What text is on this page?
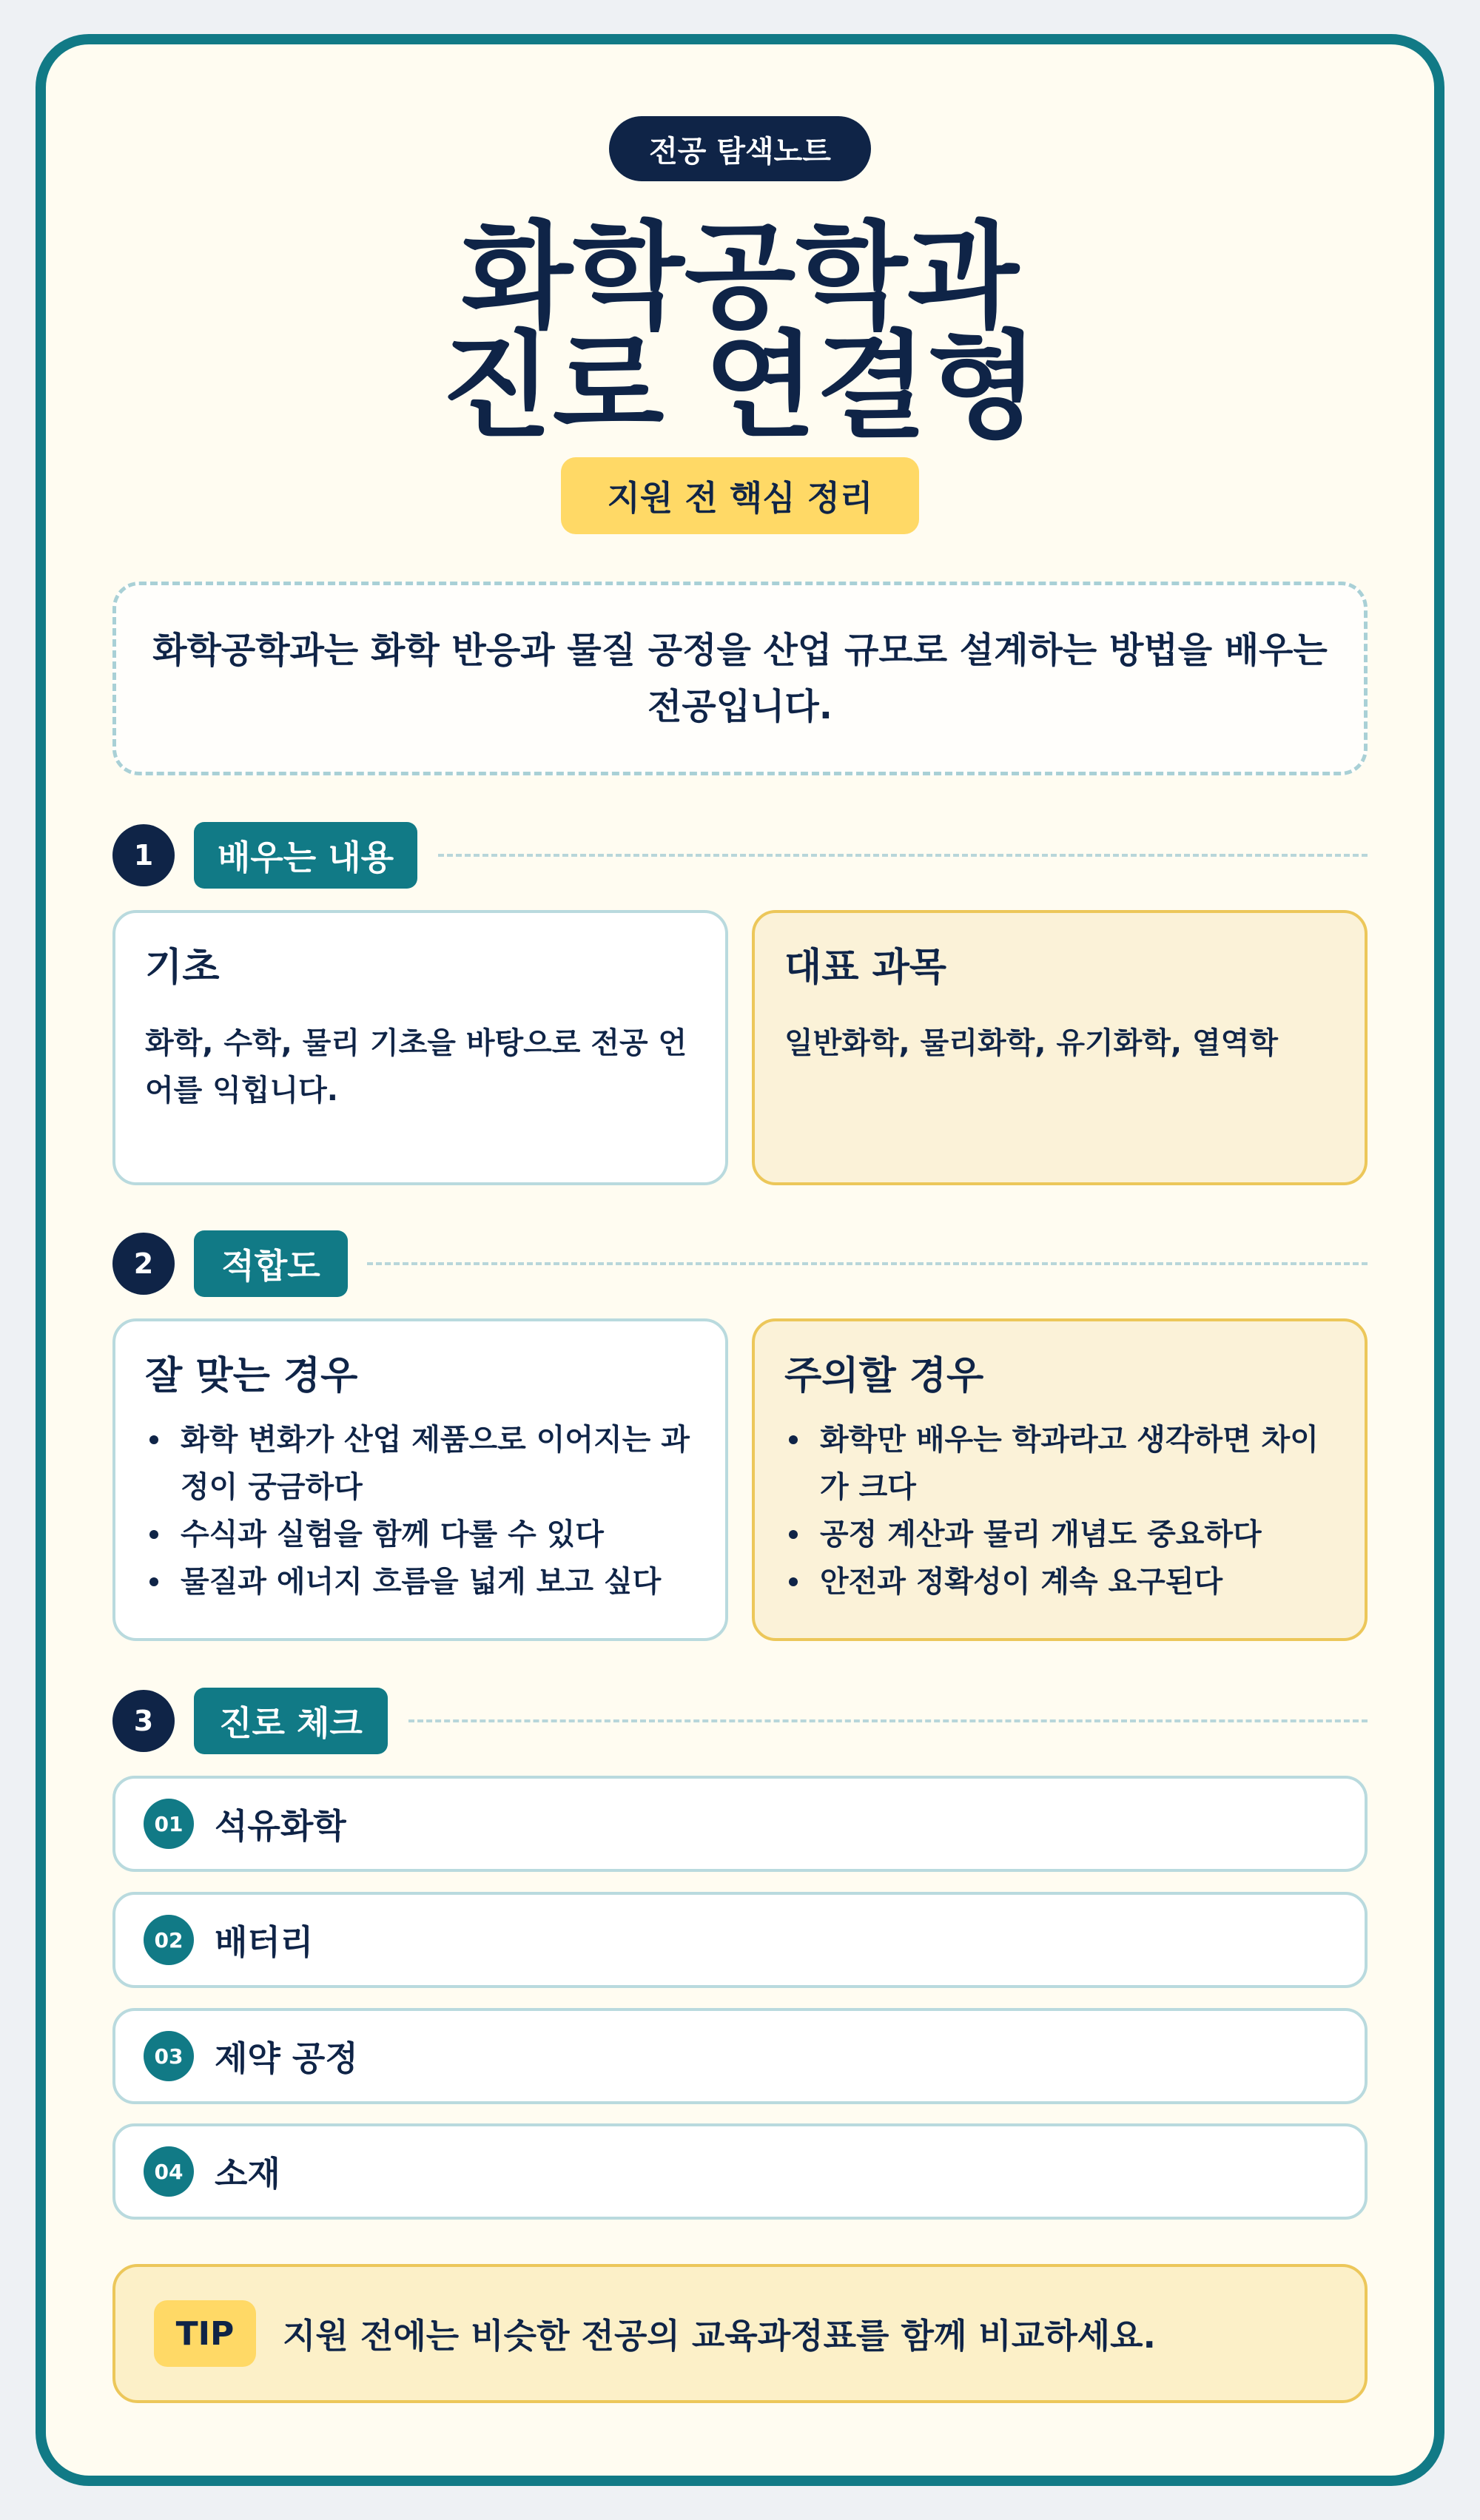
전공 탐색노트
화학공학과
진로 연결형
지원 전 핵심 정리
화학공학과는 화학 반응과 물질 공정을 산업 규모로 설계하는 방법을 배우는 전공입니다.
1	배우는 내용
기초
화학, 수학, 물리 기초을 바탕으로 전공 언어를 익힙니다.
대표 과목
일반화학, 물리화학, 유기화학, 열역학
2	적합도
잘 맞는 경우
화학 변화가 산업 제품으로 이어지는 과정이 궁금하다
수식과 실험을 함께 다룰 수 있다
물질과 에너지 흐름을 넓게 보고 싶다
주의할 경우
화학만 배우는 학과라고 생각하면 차이가 크다
공정 계산과 물리 개념도 중요하다
안전과 정확성이 계속 요구된다
3	진로 체크
01 석유화학
02 배터리
03 제약 공정
04 소재
TIP	지원 전에는 비슷한 전공의 교육과정표를 함께 비교하세요.
